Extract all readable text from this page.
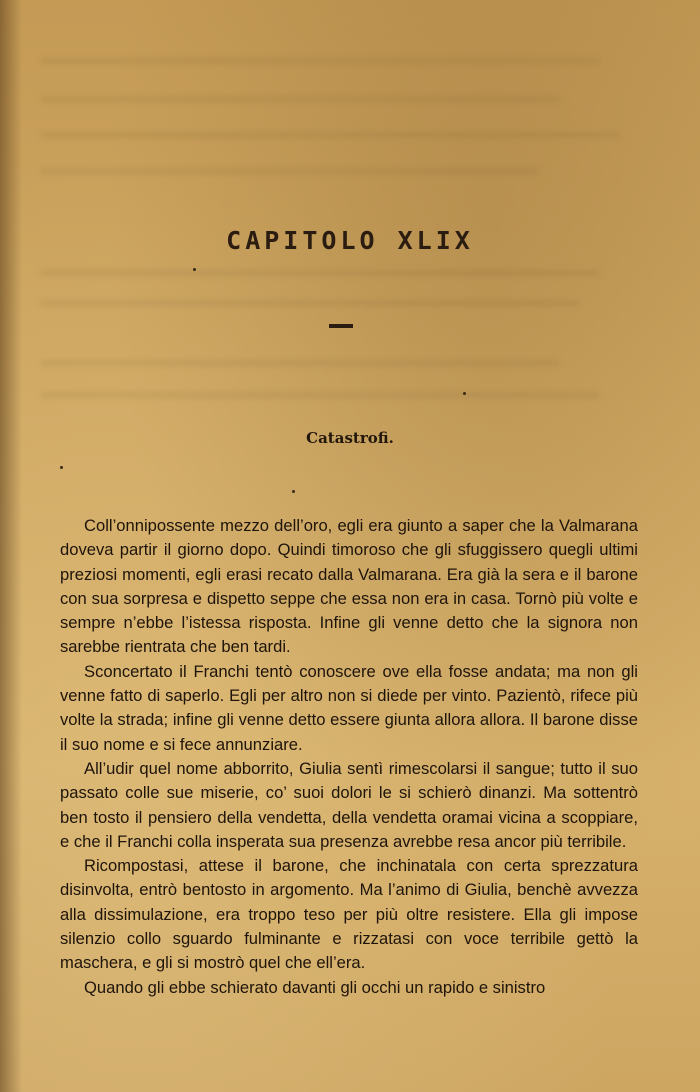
CAPITOLO XLIX
Catastrofi.

Coll’onnipossente mezzo dell’oro, egli era giunto a saper che la Valmarana doveva partir il giorno dopo. Quindi timoroso che gli sfuggissero quegli ultimi preziosi momenti, egli erasi recato dalla Valmarana. Era già la sera e il barone con sua sorpresa e dispetto seppe che essa non era in casa. Tornò più volte e sempre n’ebbe l’istessa risposta. Infine gli venne detto che la signora non sarebbe rientrata che ben tardi.

Sconcertato il Franchi tentò conoscere ove ella fosse andata; ma non gli venne fatto di saperlo. Egli per altro non si diede per vinto. Pazientò, rifece più volte la strada; infine gli venne detto essere giunta allora allora. Il barone disse il suo nome e si fece annunziare.

All’udir quel nome abborrito, Giulia sentì rimescolarsi il sangue; tutto il suo passato colle sue miserie, co’ suoi dolori le si schierò dinanzi. Ma sottentrò ben tosto il pensiero della vendetta, della vendetta oramai vicina a scoppiare, e che il Franchi colla insperata sua presenza avrebbe resa ancor più terribile.

Ricompostasi, attese il barone, che inchinatala con certa sprezzatura disinvolta, entrò bentosto in argomento. Ma l’animo di Giulia, benchè avvezza alla dissimulazione, era troppo teso per più oltre resistere. Ella gli impose silenzio collo sguardo fulminante e rizzatasi con voce terribile gettò la maschera, e gli si mostrò quel che ell’era.

Quando gli ebbe schierato davanti gli occhi un rapido e sinistro
